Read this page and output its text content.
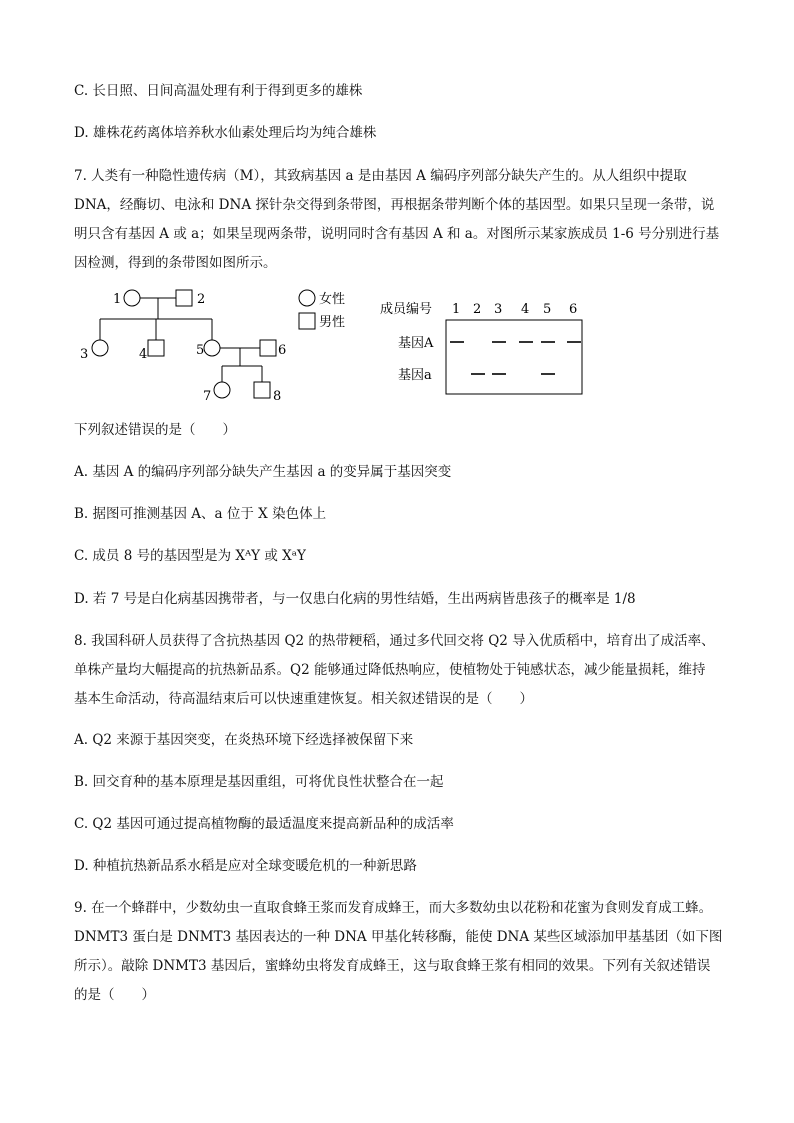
C. 长日照、日间高温处理有利于得到更多的雄株
D. 雄株花药离体培养秋水仙素处理后均为纯合雄株
7. 人类有一种隐性遗传病（M），其致病基因 a 是由基因 A 编码序列部分缺失产生的。从人组织中提取
DNA，经酶切、电泳和 DNA 探针杂交得到条带图，再根据条带判断个体的基因型。如果只呈现一条带，说
明只含有基因 A 或 a；如果呈现两条带，说明同时含有基因 A 和 a。对图所示某家族成员 1-6 号分别进行基
因检测，得到的条带图如图所示。
下列叙述错误的是（　　）
A. 基因 A 的编码序列部分缺失产生基因 a 的变异属于基因突变
B. 据图可推测基因 A、a 位于 X 染色体上
C. 成员 8 号的基因型是为 XᴬY 或 XᵃY
D. 若 7 号是白化病基因携带者，与一仅患白化病的男性结婚，生出两病皆患孩子的概率是 1/8
8. 我国科研人员获得了含抗热基因 Q2 的热带粳稻，通过多代回交将 Q2 导入优质稻中，培育出了成活率、
单株产量均大幅提高的抗热新品系。Q2 能够通过降低热响应，使植物处于钝感状态，减少能量损耗，维持
基本生命活动，待高温结束后可以快速重建恢复。相关叙述错误的是（　　）
A. Q2 来源于基因突变，在炎热环境下经选择被保留下来
B. 回交育种的基本原理是基因重组，可将优良性状整合在一起
C. Q2 基因可通过提高植物酶的最适温度来提高新品种的成活率
D. 种植抗热新品系水稻是应对全球变暖危机的一种新思路
9. 在一个蜂群中，少数幼虫一直取食蜂王浆而发育成蜂王，而大多数幼虫以花粉和花蜜为食则发育成工蜂。
DNMT3 蛋白是 DNMT3 基因表达的一种 DNA 甲基化转移酶，能使 DNA 某些区域添加甲基基团（如下图
所示）。敲除 DNMT3 基因后，蜜蜂幼虫将发育成蜂王，这与取食蜂王浆有相同的效果。下列有关叙述错误
的是（　　）
1	2
3	4	5	6
7	8
女性
男性
成员编号 1 2 3 4 5 6
基因A
基因a
